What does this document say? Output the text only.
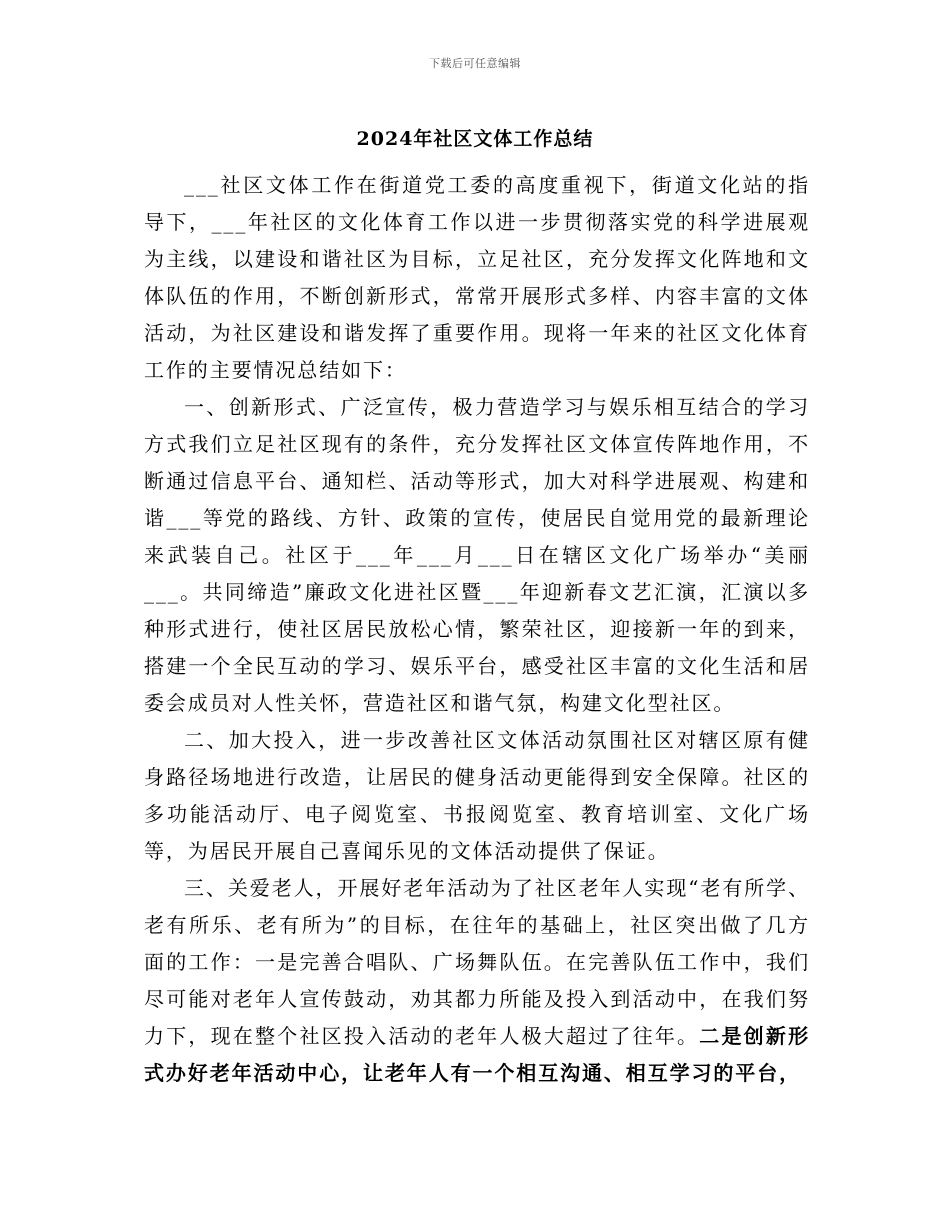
下载后可任意编辑
2024年社区文体工作总结

___社区文体工作在街道党工委的高度重视下，街道文化站的指导下，___年社区的文化体育工作以进一步贯彻落实党的科学进展观为主线，以建设和谐社区为目标，立足社区，充分发挥文化阵地和文体队伍的作用，不断创新形式，常常开展形式多样、内容丰富的文体活动，为社区建设和谐发挥了重要作用。现将一年来的社区文化体育工作的主要情况总结如下：

一、创新形式、广泛宣传，极力营造学习与娱乐相互结合的学习方式我们立足社区现有的条件，充分发挥社区文体宣传阵地作用，不断通过信息平台、通知栏、活动等形式，加大对科学进展观、构建和谐___等党的路线、方针、政策的宣传，使居民自觉用党的最新理论来武装自己。社区于___年___月___日在辖区文化广场举办“美丽___。共同缔造”廉政文化进社区暨___年迎新春文艺汇演，汇演以多种形式进行，使社区居民放松心情，繁荣社区，迎接新一年的到来，搭建一个全民互动的学习、娱乐平台，感受社区丰富的文化生活和居委会成员对人性关怀，营造社区和谐气氛，构建文化型社区。

二、加大投入，进一步改善社区文体活动氛围社区对辖区原有健身路径场地进行改造，让居民的健身活动更能得到安全保障。社区的多功能活动厅、电子阅览室、书报阅览室、教育培训室、文化广场等，为居民开展自己喜闻乐见的文体活动提供了保证。

三、关爱老人，开展好老年活动为了社区老年人实现“老有所学、老有所乐、老有所为”的目标，在往年的基础上，社区突出做了几方面的工作：一是完善合唱队、广场舞队伍。在完善队伍工作中，我们尽可能对老年人宣传鼓动，劝其都力所能及投入到活动中，在我们努力下，现在整个社区投入活动的老年人极大超过了往年。二是创新形式办好老年活动中心，让老年人有一个相互沟通、相互学习的平台，
